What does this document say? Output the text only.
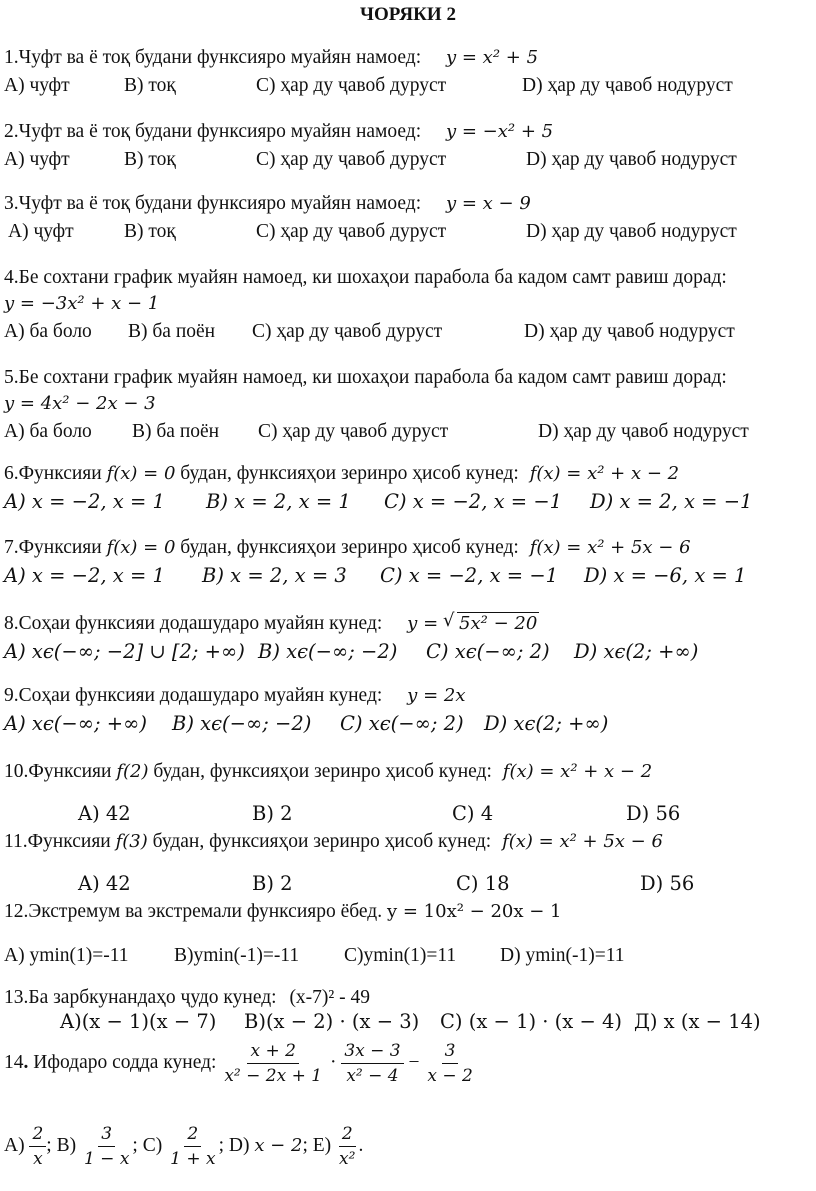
ЧОРЯКИ 2
1.Чуфт ва ё тоқ будани функсияро муайян намоед: y = x² + 5
A) чуфт	B) тоқ	C) ҳар ду ҷавоб дуруст	D) ҳар ду ҷавоб нодуруст
2.Чуфт ва ё тоқ будани функсияро муайян намоед: y = −x² + 5
A) чуфт	B) тоқ	C) ҳар ду ҷавоб дуруст	D) ҳар ду ҷавоб нодуруст
3.Чуфт ва ё тоқ будани функсияро муайян намоед: y = x − 9
A) ҷуфт	B) тоқ	C) ҳар ду ҷавоб дуруст	D) ҳар ду ҷавоб нодуруст
4.Бе сохтани график муайян намоед, ки шохаҳои парабола ба кадом самт равиш дорад:
y = −3x² + x − 1
A) ба боло B) ба поён C) ҳар ду ҷавоб дуруст	D) ҳар ду ҷавоб нодуруст
5.Бе сохтани график муайян намоед, ки шохаҳои парабола ба кадом самт равиш дорад:
y = 4x² − 2x − 3
A) ба боло B) ба поён C) ҳар ду ҷавоб дуруст	D) ҳар ду ҷавоб нодуруст
6.Функсияи f(x) = 0 будан, функсияҳои зеринро ҳисоб кунед: f(x) = x² + x − 2
A) x = −2, x = 1 B) x = 2, x = 1 C) x = −2, x = −1 D) x = 2, x = −1
7.Функсияи f(x) = 0 будан, функсияҳои зеринро ҳисоб кунед: f(x) = x² + 5x − 6
A) x = −2, x = 1 B) x = 2, x = 3 C) x = −2, x = −1 D) x = −6, x = 1
8.Соҳаи функсияи додашударо муайян кунед: y = √ 5x² − 20
A) xϵ(−∞; −2] ∪ [2; +∞) B) xϵ(−∞; −2) C) xϵ(−∞; 2) D) xϵ(2; +∞)
9.Соҳаи функсияи додашударо муайян кунед: y = 2x
A) xϵ(−∞; +∞) B) xϵ(−∞; −2) C) xϵ(−∞; 2) D) xϵ(2; +∞)
10.Функсияи f(2) будан, функсияҳои зеринро ҳисоб кунед: f(x) = x² + x − 2
A) 42	B) 2	C) 4	D) 56
11.Функсияи f(3) будан, функсияҳои зеринро ҳисоб кунед: f(x) = x² + 5x − 6
A) 42	B) 2	C) 18	D) 56
12.Экстремум ва экстремали функсияро ёбед. y = 10x² − 20x − 1
A) ymin(1)=-11 B)ymin(-1)=-11 C)ymin(1)=11 D) ymin(-1)=11
13.Ба зарбкунандаҳо ҷудо кунед: (x-7)² - 49
A)(x − 1)(x − 7) B)(x − 2) · (x − 3) C) (x − 1) · (x − 4) Д) x (x − 14)
14. Ифодаро содда кунед: $\frac{x + 2}{\text{x² − 2x + 1}} \cdot \frac{3x - 3}{\text{x² − 4}} - \frac{3}{x - 2}$
$A) \frac{2}{x}$ ; $B) \frac{3}{1 - x}$ ; $C) \frac{2}{1 + x}$ ; D) x − 2; $E) \frac{2}{\text{x²}}$ .
